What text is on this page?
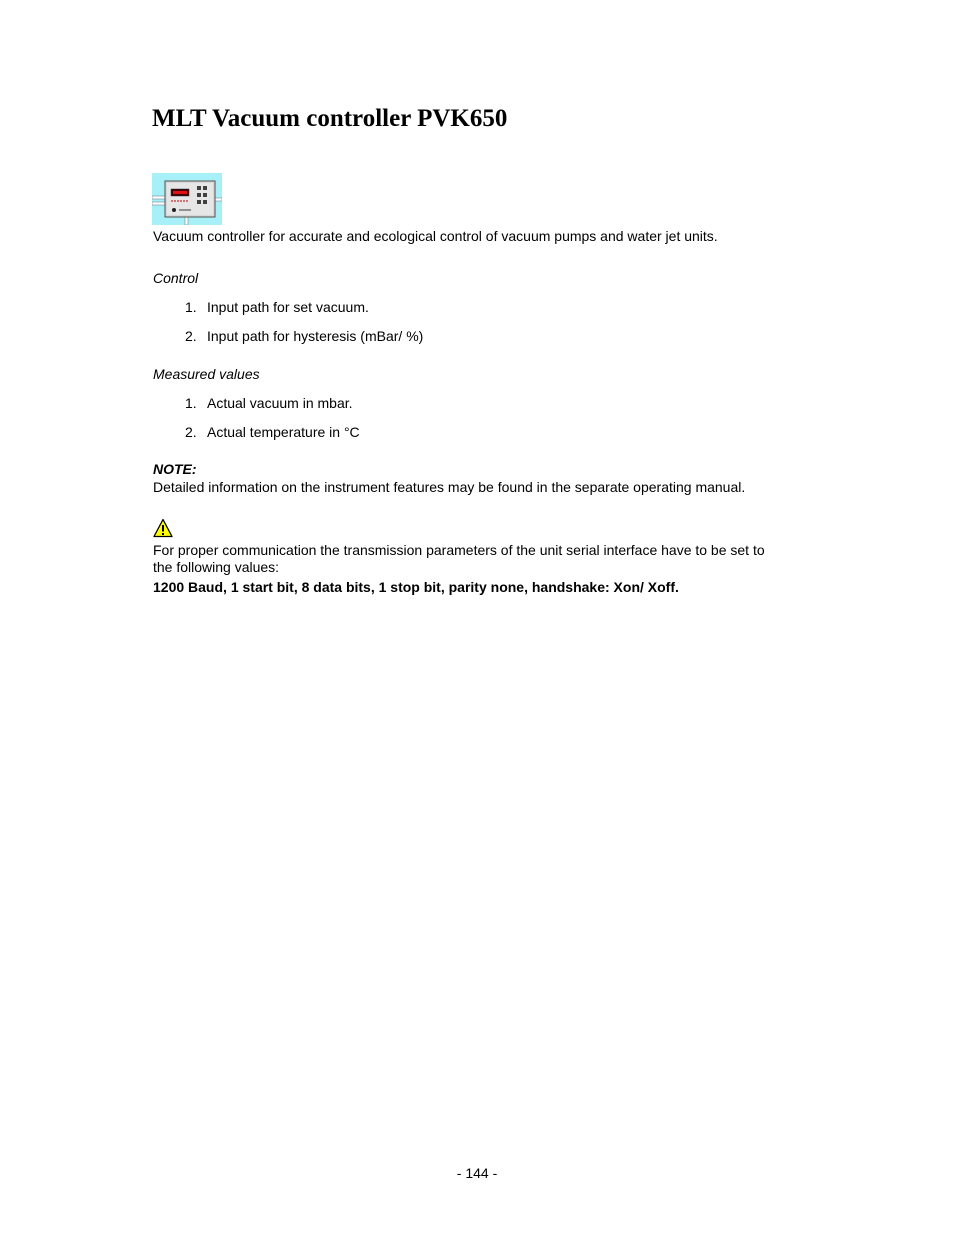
MLT Vacuum controller PVK650

Vacuum controller for accurate and ecological control of vacuum pumps and water jet units.

Control

1. Input path for set vacuum.
2. Input path for hysteresis (mBar/ %)

Measured values

1. Actual vacuum in mbar.
2. Actual temperature in °C

NOTE:

Detailed information on the instrument features may be found in the separate operating manual.

For proper communication the transmission parameters of the unit serial interface have to be set to

the following values:

1200 Baud, 1 start bit, 8 data bits, 1 stop bit, parity none, handshake: Xon/ Xoff.

- 144 -
